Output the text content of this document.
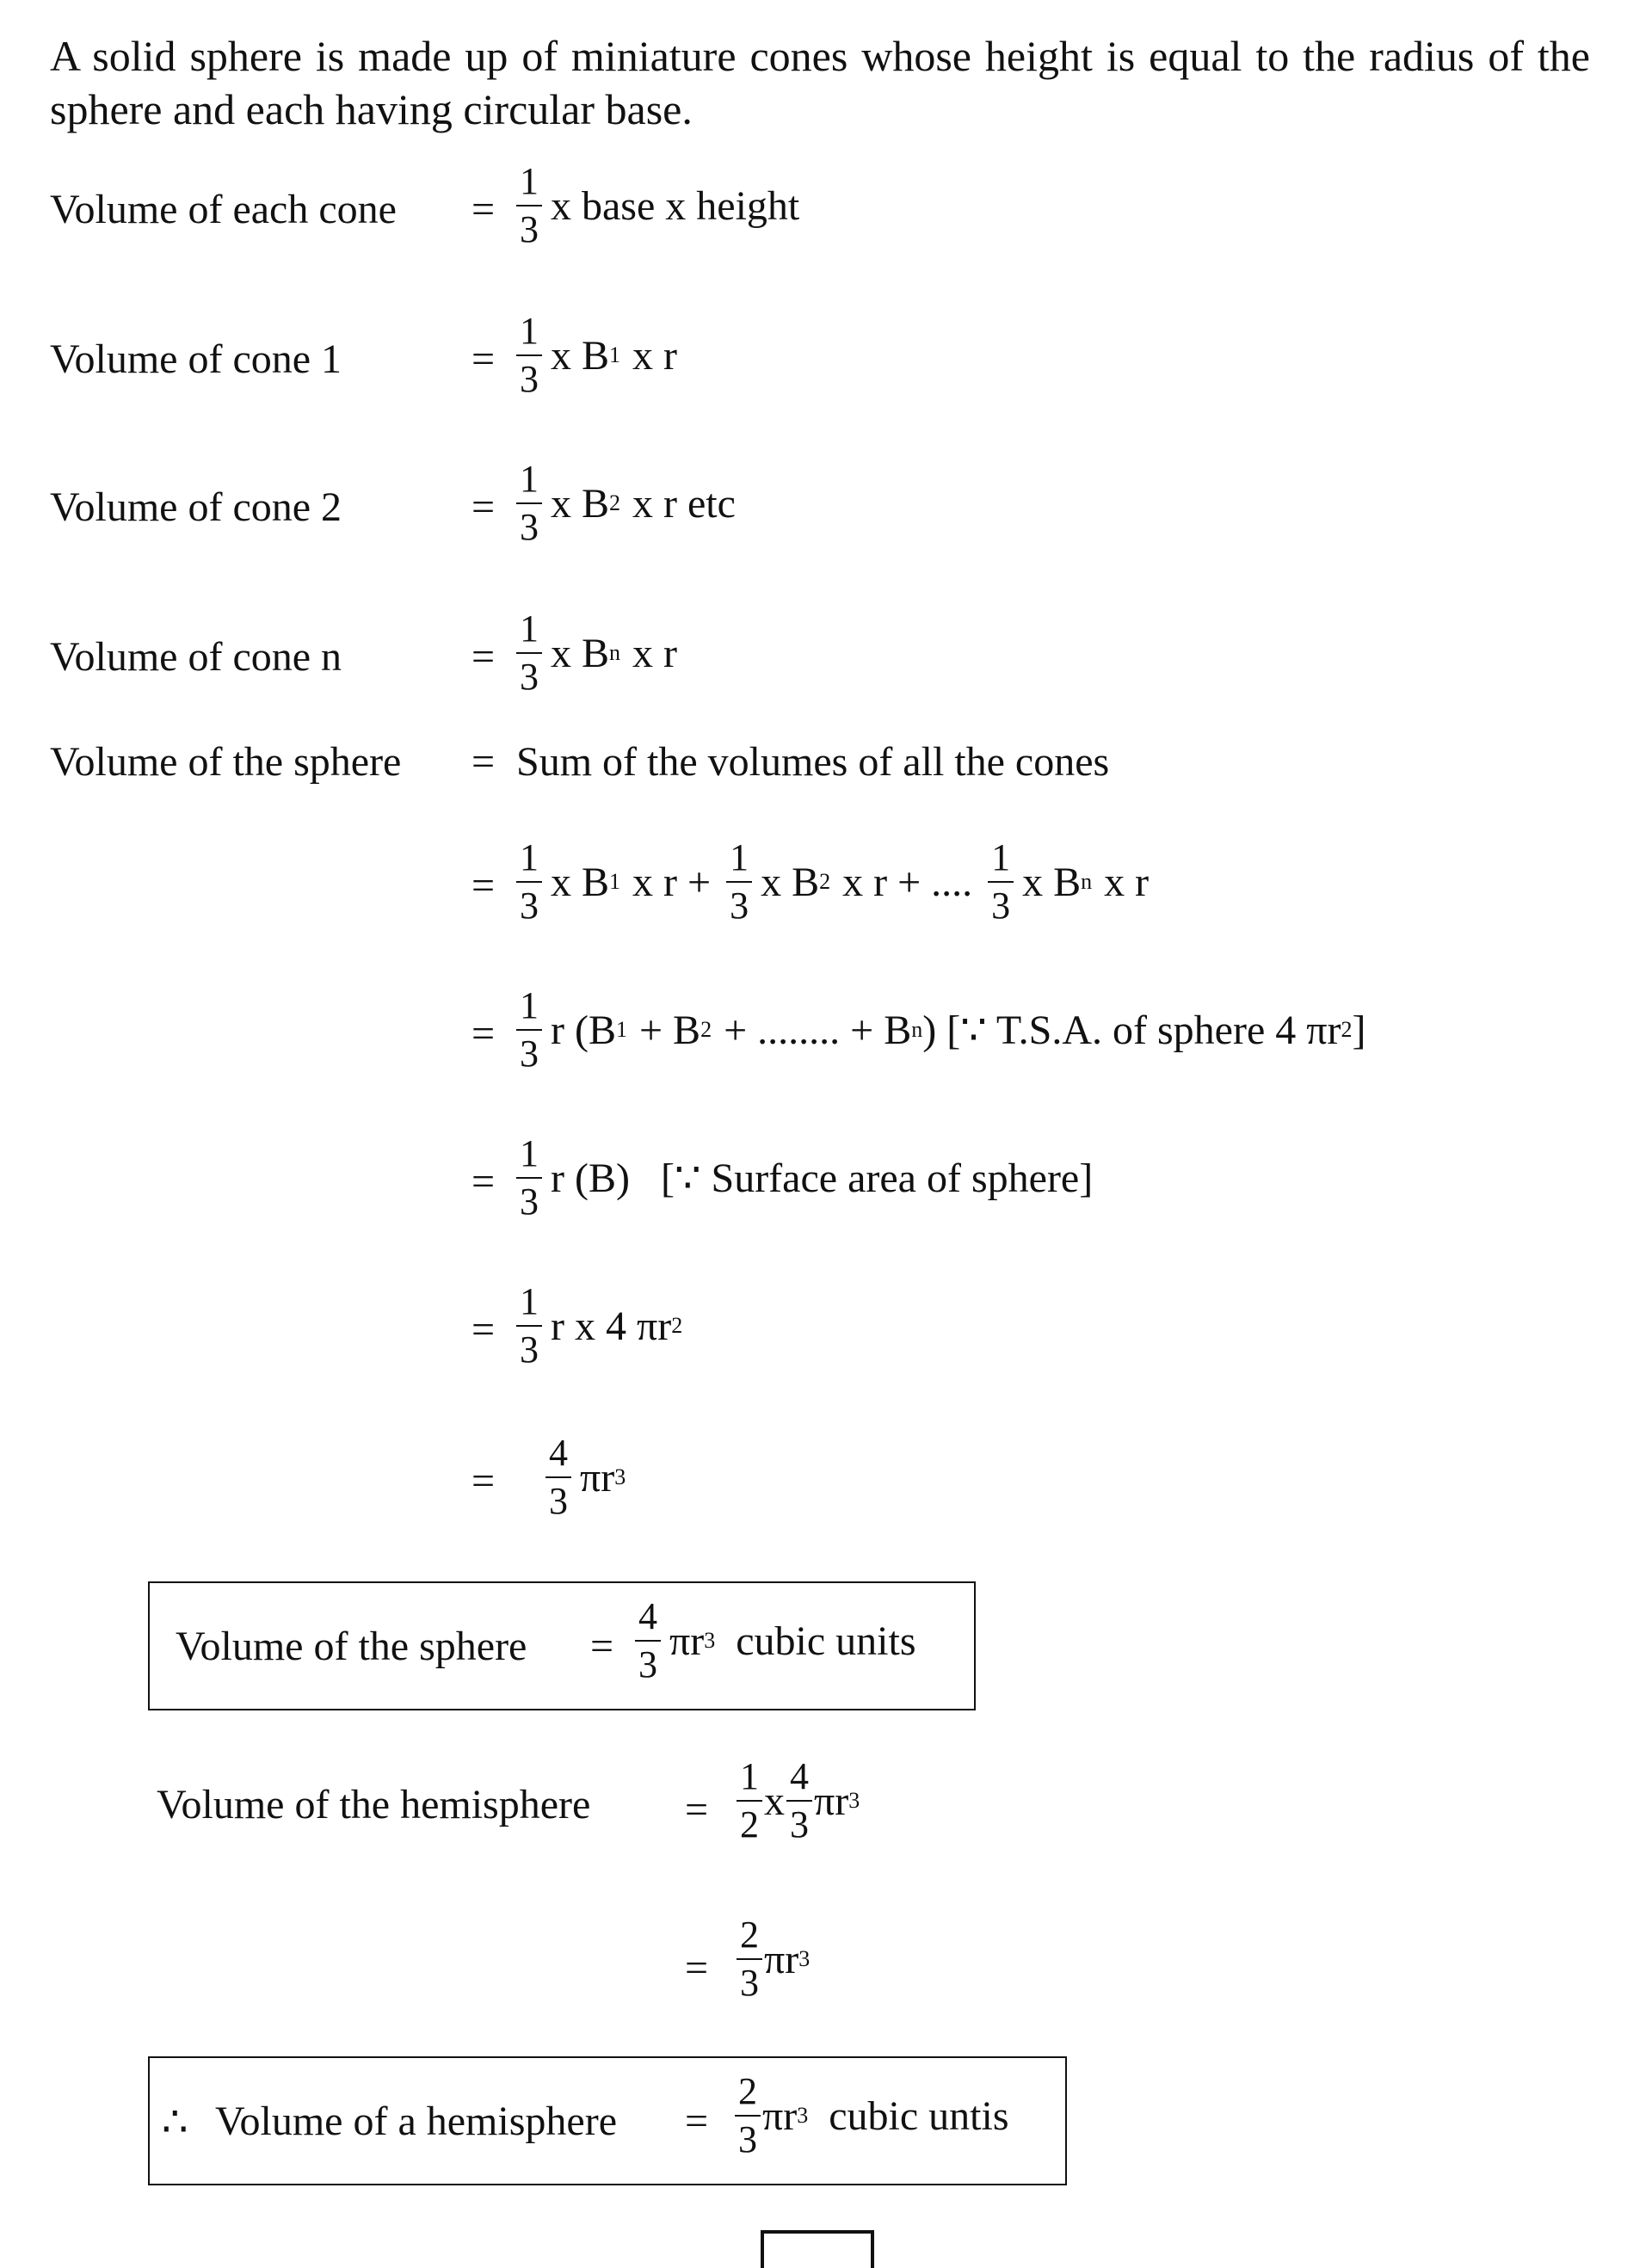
A solid sphere is made up of miniature cones whose height is equal to the radius of the sphere and each having circular base.
Volume of each cone = $\frac{1}{3}$ x base x height
Volume of cone 1	= $\frac{1}{3}$ x B 1 x r
Volume of cone 2	= $\frac{1}{3}$ x B 2 x r etc
Volume of cone n	= $\frac{1}{3}$ x B n x r
Volume of the sphere = Sum of the volumes of all the cones
= $\frac{1}{3}$ x B 1 x $r + \frac{1}{3}$ x B 2 x r + .... $\frac{1}{3}$ x B n x r
= $\frac{1}{3}$ r (B 1 + B 2 + ........ + B n ) [∵ T.S.A. of sphere 4 πr 2 ]
= $\frac{1}{3}$ r (B)   [∵ Surface area of sphere]
= $\frac{1}{3}$ r x 4 πr 2
= $\frac{4}{3}$ πr 3
Volume of the sphere = $\frac{4}{3}$ πr 3 cubic units
Volume of the hemisphere = $\frac{1}{2}$ x $\frac{4}{3}$ πr 3
= $\frac{2}{3}$ πr 3
∴ Volume of a hemisphere = $\frac{2}{3}$ πr 3 cubic untis
